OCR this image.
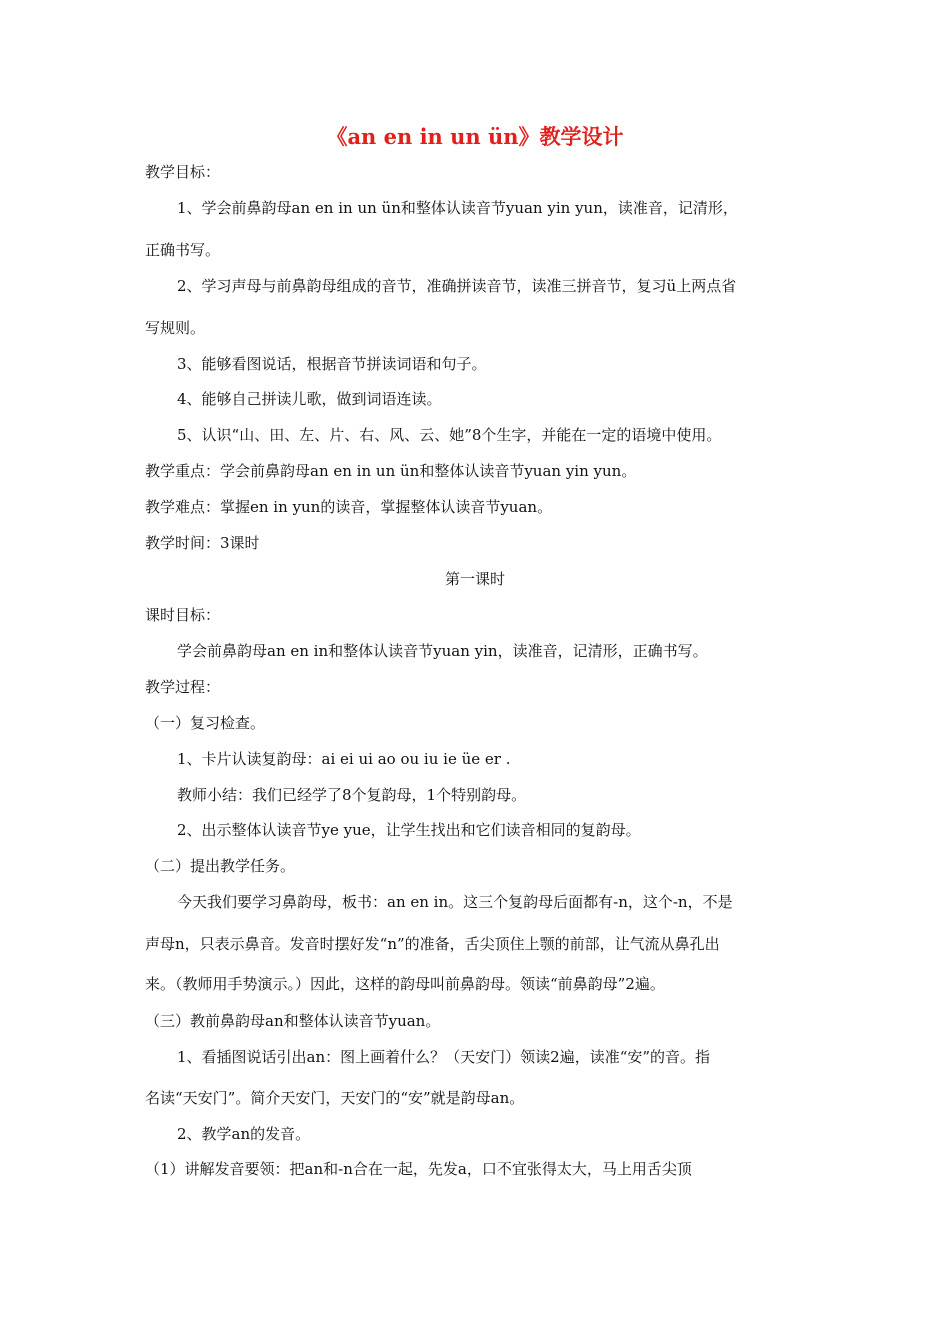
《an en in un ün》教学设计
教学目标：
1、学会前鼻韵母an en in un ün和整体认读音节yuan yin yun，读准音，记清形，
正确书写。
2、学习声母与前鼻韵母组成的音节，准确拼读音节，读准三拼音节，复习ü上两点省
写规则。
3、能够看图说话，根据音节拼读词语和句子。
4、能够自己拼读儿歌，做到词语连读。
5、认识“山、田、左、片、右、风、云、她”8个生字，并能在一定的语境中使用。
教学重点：学会前鼻韵母an en in un ün和整体认读音节yuan yin yun。
教学难点：掌握en in yun的读音，掌握整体认读音节yuan。
教学时间：3课时
第一课时
课时目标：
学会前鼻韵母an en in和整体认读音节yuan yin，读准音，记清形，正确书写。
教学过程：
（一）复习检查。
1、卡片认读复韵母：ai ei ui ao ou iu ie üe er .
教师小结：我们已经学了8个复韵母，1个特别韵母。
2、出示整体认读音节ye yue，让学生找出和它们读音相同的复韵母。
（二）提出教学任务。
今天我们要学习鼻韵母，板书：an en in。这三个复韵母后面都有-n，这个-n，不是
声母n，只表示鼻音。发音时摆好发“n”的准备，舌尖顶住上颚的前部，让气流从鼻孔出
来。（教师用手势演示。）因此，这样的韵母叫前鼻韵母。领读“前鼻韵母”2遍。
（三）教前鼻韵母an和整体认读音节yuan。
1、看插图说话引出an：图上画着什么？（天安门）领读2遍，读准“安”的音。指
名读“天安门”。简介天安门，天安门的“安”就是韵母an。
2、教学an的发音。
（1）讲解发音要领：把an和-n合在一起，先发a，口不宜张得太大，马上用舌尖顶
